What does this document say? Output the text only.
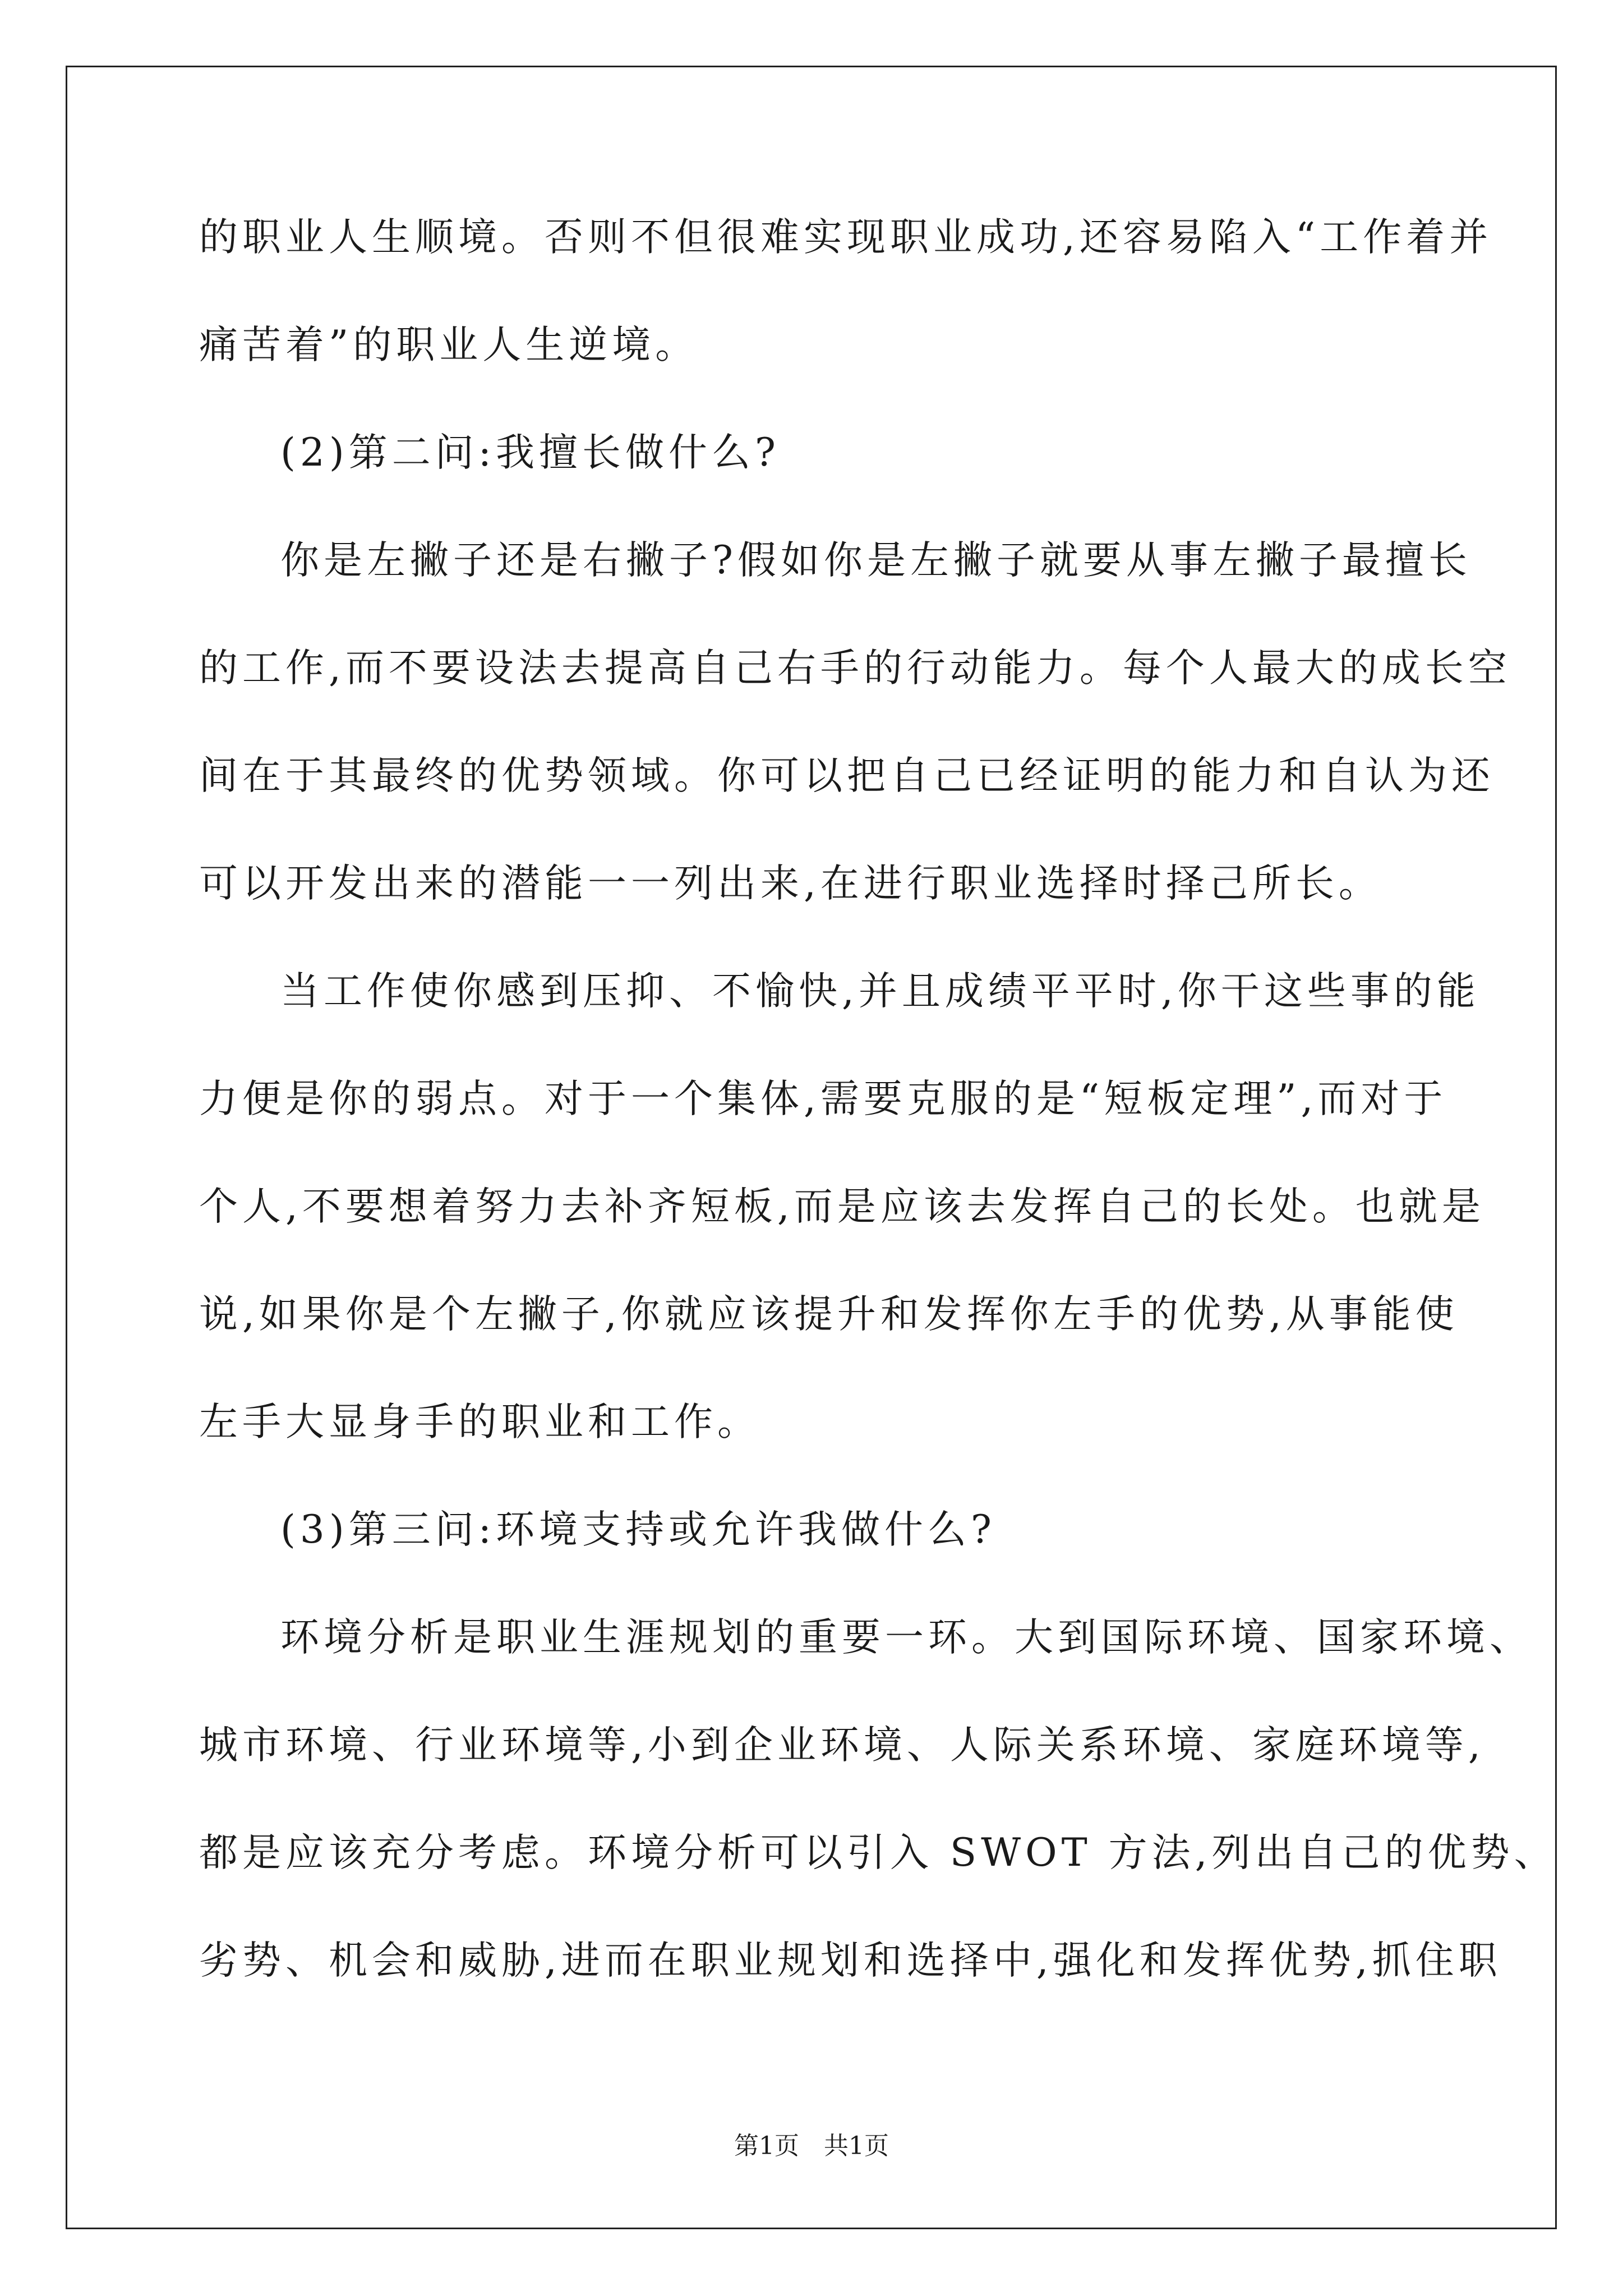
的职业人生顺境。否则不但很难实现职业成功,还容易陷入“工作着并
痛苦着”的职业人生逆境。
(2)第二问:我擅长做什么?
你是左撇子还是右撇子?假如你是左撇子就要从事左撇子最擅长
的工作,而不要设法去提高自己右手的行动能力。每个人最大的成长空
间在于其最终的优势领域。你可以把自己已经证明的能力和自认为还
可以开发出来的潜能一一列出来,在进行职业选择时择己所长。
当工作使你感到压抑、不愉快,并且成绩平平时,你干这些事的能
力便是你的弱点。对于一个集体,需要克服的是“短板定理”,而对于
个人,不要想着努力去补齐短板,而是应该去发挥自己的长处。也就是
说,如果你是个左撇子,你就应该提升和发挥你左手的优势,从事能使
左手大显身手的职业和工作。
(3)第三问:环境支持或允许我做什么?
环境分析是职业生涯规划的重要一环。大到国际环境、国家环境、
城市环境、行业环境等,小到企业环境、人际关系环境、家庭环境等,
都是应该充分考虑。环境分析可以引入 SWOT 方法,列出自己的优势、
劣势、机会和威胁,进而在职业规划和选择中,强化和发挥优势,抓住职
第1页　共1页
